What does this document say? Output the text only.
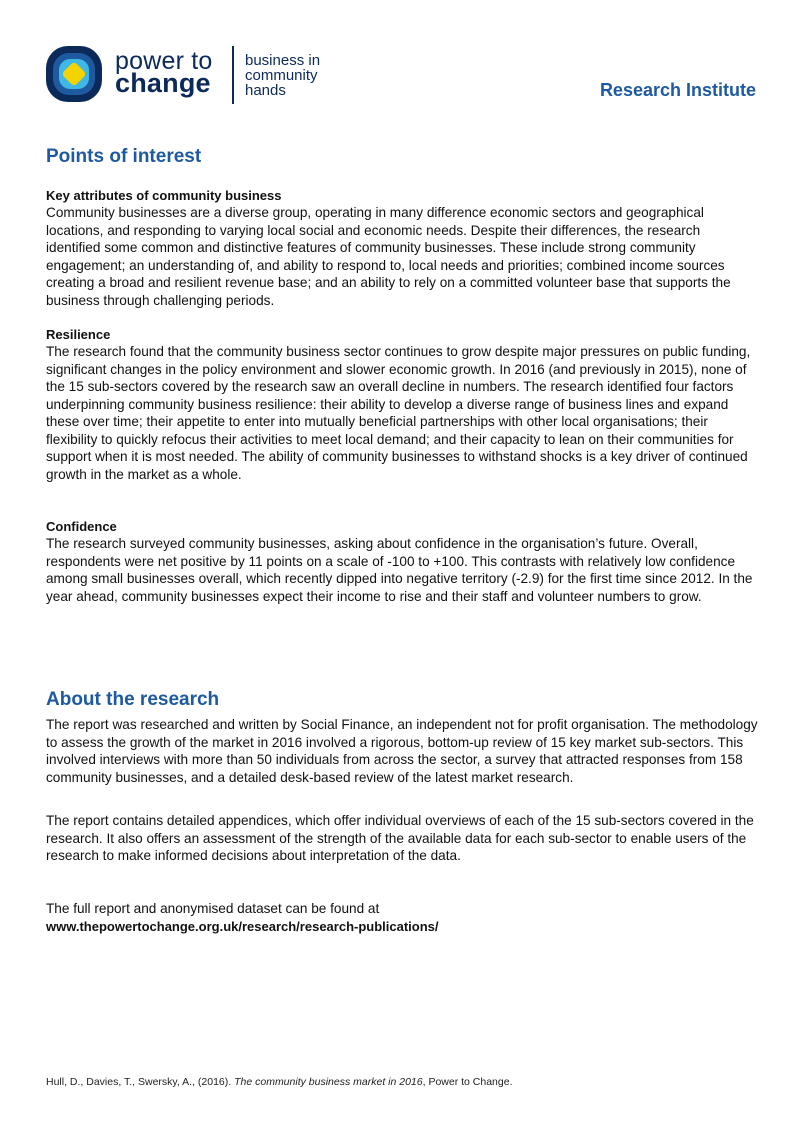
power to
change
business in
community
hands	Research Institute
Points of interest
Key attributes of community business

Community businesses are a diverse group, operating in many difference economic sectors and geographical locations, and responding to varying local social and economic needs. Despite their differences, the research identified some common and distinctive features of community businesses. These include strong community engagement; an understanding of, and ability to respond to, local needs and priorities; combined income sources creating a broad and resilient revenue base; and an ability to rely on a committed volunteer base that supports the business through challenging periods.

Resilience

The research found that the community business sector continues to grow despite major pressures on public funding, significant changes in the policy environment and slower economic growth. In 2016 (and previously in 2015), none of the 15 sub-sectors covered by the research saw an overall decline in numbers. The research identified four factors underpinning community business resilience: their ability to develop a diverse range of business lines and expand these over time; their appetite to enter into mutually beneficial partnerships with other local organisations; their flexibility to quickly refocus their activities to meet local demand; and their capacity to lean on their communities for support when it is most needed. The ability of community businesses to withstand shocks is a key driver of continued growth in the market as a whole.

Confidence

The research surveyed community businesses, asking about confidence in the organisation’s future. Overall, respondents were net positive by 11 points on a scale of -100 to +100. This contrasts with relatively low confidence among small businesses overall, which recently dipped into negative territory (-2.9) for the first time since 2012. In the year ahead, community businesses expect their income to rise and their staff and volunteer numbers to grow.

About the research

The report was researched and written by Social Finance, an independent not for profit organisation. The methodology to assess the growth of the market in 2016 involved a rigorous, bottom-up review of 15 key market sub-sectors. This involved interviews with more than 50 individuals from across the sector, a survey that attracted responses from 158 community businesses, and a detailed desk-based review of the latest market research.

The report contains detailed appendices, which offer individual overviews of each of the 15 sub-sectors covered in the research. It also offers an assessment of the strength of the available data for each sub-sector to enable users of the research to make informed decisions about interpretation of the data.

The full report and anonymised dataset can be found at

www.thepowertochange.org.uk/research/research-publications/
Hull, D., Davies, T., Swersky, A., (2016). The community business market in 2016, Power to Change.
